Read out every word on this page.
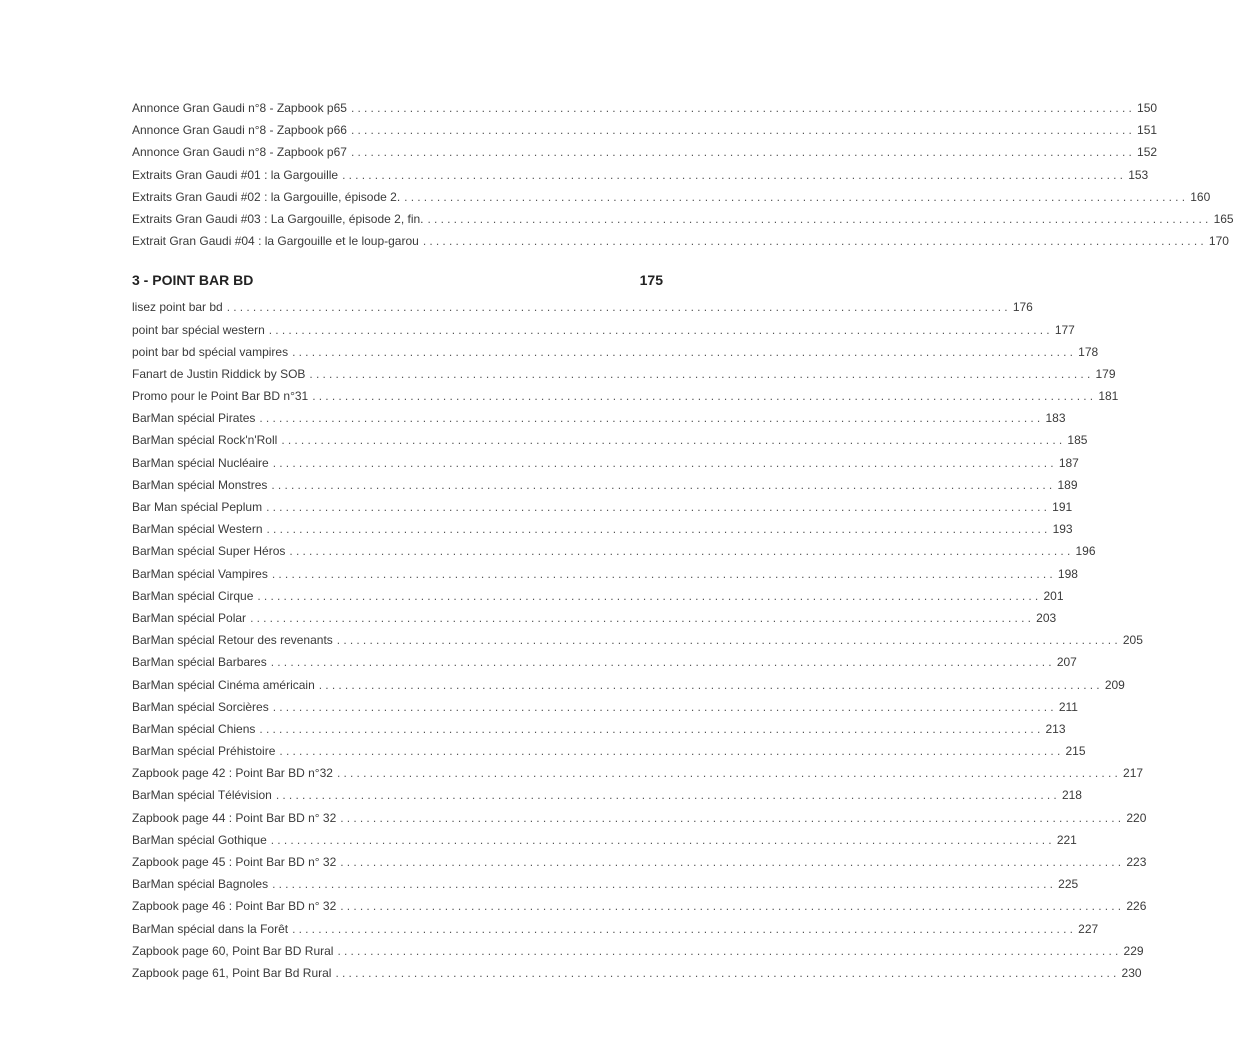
Annonce Gran Gaudi n°8 - Zapbook p65 ........................................................................................................................ 150
Annonce Gran Gaudi n°8 - Zapbook p66 ........................................................................................................................ 151
Annonce Gran Gaudi n°8 - Zapbook p67 ........................................................................................................................ 152
Extraits Gran Gaudi #01 : la Gargouille ........................................................................................................................ 153
Extraits Gran Gaudi #02 : la Gargouille, épisode 2. ........................................................................................................................ 160
Extraits Gran Gaudi #03 : La Gargouille, épisode 2, fin. ........................................................................................................................ 165
Extrait Gran Gaudi #04 : la Gargouille et le loup-garou ........................................................................................................................ 170
3 - POINT BAR BD	175
lisez point bar bd ........................................................................................................................ 176
point bar spécial western ........................................................................................................................ 177
point bar bd spécial vampires ........................................................................................................................ 178
Fanart de Justin Riddick by SOB ........................................................................................................................ 179
Promo pour le Point Bar BD n°31 ........................................................................................................................ 181
BarMan spécial Pirates ........................................................................................................................ 183
BarMan spécial Rock'n'Roll ........................................................................................................................ 185
BarMan spécial Nucléaire ........................................................................................................................ 187
BarMan spécial Monstres ........................................................................................................................ 189
Bar Man spécial Peplum ........................................................................................................................ 191
BarMan spécial Western ........................................................................................................................ 193
BarMan spécial Super Héros ........................................................................................................................ 196
BarMan spécial Vampires ........................................................................................................................ 198
BarMan spécial Cirque ........................................................................................................................ 201
BarMan spécial Polar ........................................................................................................................ 203
BarMan spécial Retour des revenants ........................................................................................................................ 205
BarMan spécial Barbares ........................................................................................................................ 207
BarMan spécial Cinéma américain ........................................................................................................................ 209
BarMan spécial Sorcières ........................................................................................................................ 211
BarMan spécial Chiens ........................................................................................................................ 213
BarMan spécial Préhistoire ........................................................................................................................ 215
Zapbook page 42 : Point Bar BD n°32 ........................................................................................................................ 217
BarMan spécial Télévision ........................................................................................................................ 218
Zapbook page 44 : Point Bar BD n° 32 ........................................................................................................................ 220
BarMan spécial Gothique ........................................................................................................................ 221
Zapbook page 45 : Point Bar BD n° 32 ........................................................................................................................ 223
BarMan spécial Bagnoles ........................................................................................................................ 225
Zapbook page 46 : Point Bar BD n° 32 ........................................................................................................................ 226
BarMan spécial dans la Forêt ........................................................................................................................ 227
Zapbook page 60, Point Bar BD Rural ........................................................................................................................ 229
Zapbook page 61, Point Bar Bd Rural ........................................................................................................................ 230
